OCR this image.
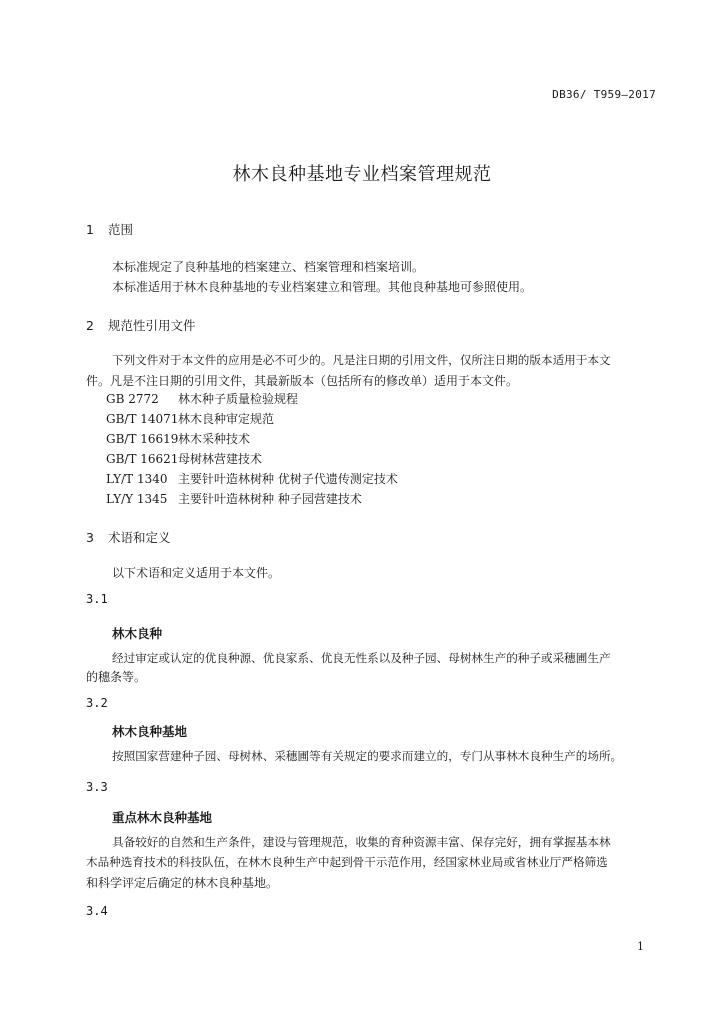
DB36/ T959—2017
林木良种基地专业档案管理规范
1 范围
本标准规定了良种基地的档案建立、档案管理和档案培训。
本标准适用于林木良种基地的专业档案建立和管理。其他良种基地可参照使用。
2 规范性引用文件
下列文件对于本文件的应用是必不可少的。凡是注日期的引用文件，仅所注日期的版本适用于本文
件。凡是不注日期的引用文件，其最新版本（包括所有的修改单）适用于本文件。
GB 2772 林木种子质量检验规程
GB/T 14071林木良种审定规范
GB/T 16619林木采种技术
GB/T 16621母树林营建技术
LY/T 1340 主要针叶造林树种 优树子代遗传测定技术
LY/Y 1345 主要针叶造林树种 种子园营建技术
3 术语和定义
以下术语和定义适用于本文件。
3.1
林木良种
经过审定或认定的优良种源、优良家系、优良无性系以及种子园、母树林生产的种子或采穗圃生产
的穗条等。
3.2
林木良种基地
按照国家营建种子园、母树林、采穗圃等有关规定的要求而建立的，专门从事林木良种生产的场所。
3.3
重点林木良种基地
具备较好的自然和生产条件，建设与管理规范，收集的育种资源丰富、保存完好，拥有掌握基本林
木品种选育技术的科技队伍，在林木良种生产中起到骨干示范作用，经国家林业局或省林业厅严格筛选
和科学评定后确定的林木良种基地。
3.4
1
